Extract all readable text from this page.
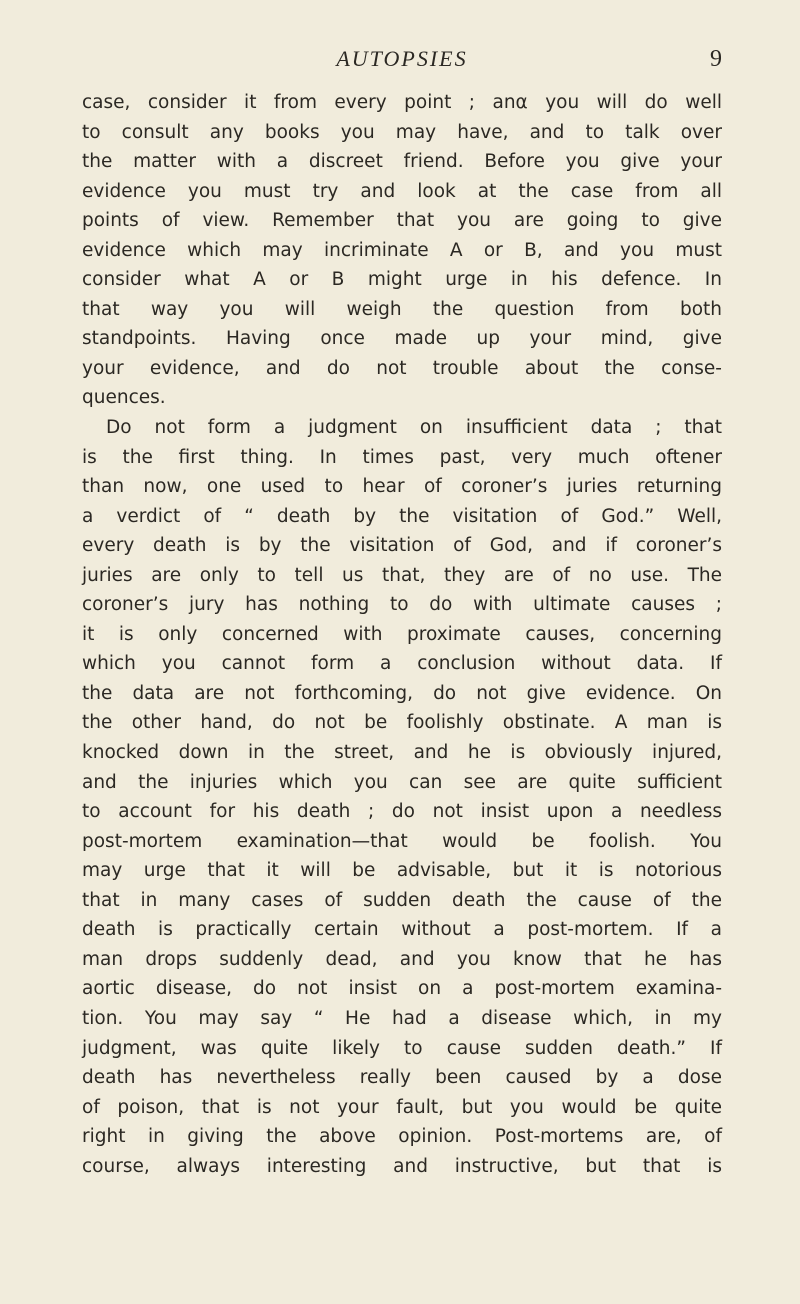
AUTOPSIES	9
case, consider it from every point ; anα you will do well
to consult any books you may have, and to talk over
the matter with a discreet friend. Before you give your
evidence you must try and look at the case from all
points of view. Remember that you are going to give
evidence which may incriminate A or B, and you must
consider what A or B might urge in his defence. In
that way you will weigh the question from both
standpoints. Having once made up your mind, give
your evidence, and do not trouble about the conse-
quences.
Do not form a judgment on insufficient data ; that
is the first thing. In times past, very much oftener
than now, one used to hear of coroner’s juries returning
a verdict of “ death by the visitation of God.” Well,
every death is by the visitation of God, and if coroner’s
juries are only to tell us that, they are of no use. The
coroner’s jury has nothing to do with ultimate causes ;
it is only concerned with proximate causes, concerning
which you cannot form a conclusion without data. If
the data are not forthcoming, do not give evidence. On
the other hand, do not be foolishly obstinate. A man is
knocked down in the street, and he is obviously injured,
and the injuries which you can see are quite sufficient
to account for his death ; do not insist upon a needless
post-mortem examination—that would be foolish. You
may urge that it will be advisable, but it is notorious
that in many cases of sudden death the cause of the
death is practically certain without a post-mortem. If a
man drops suddenly dead, and you know that he has
aortic disease, do not insist on a post-mortem examina-
tion. You may say “ He had a disease which, in my
judgment, was quite likely to cause sudden death.” If
death has nevertheless really been caused by a dose
of poison, that is not your fault, but you would be quite
right in giving the above opinion. Post-mortems are, of
course, always interesting and instructive, but that is
